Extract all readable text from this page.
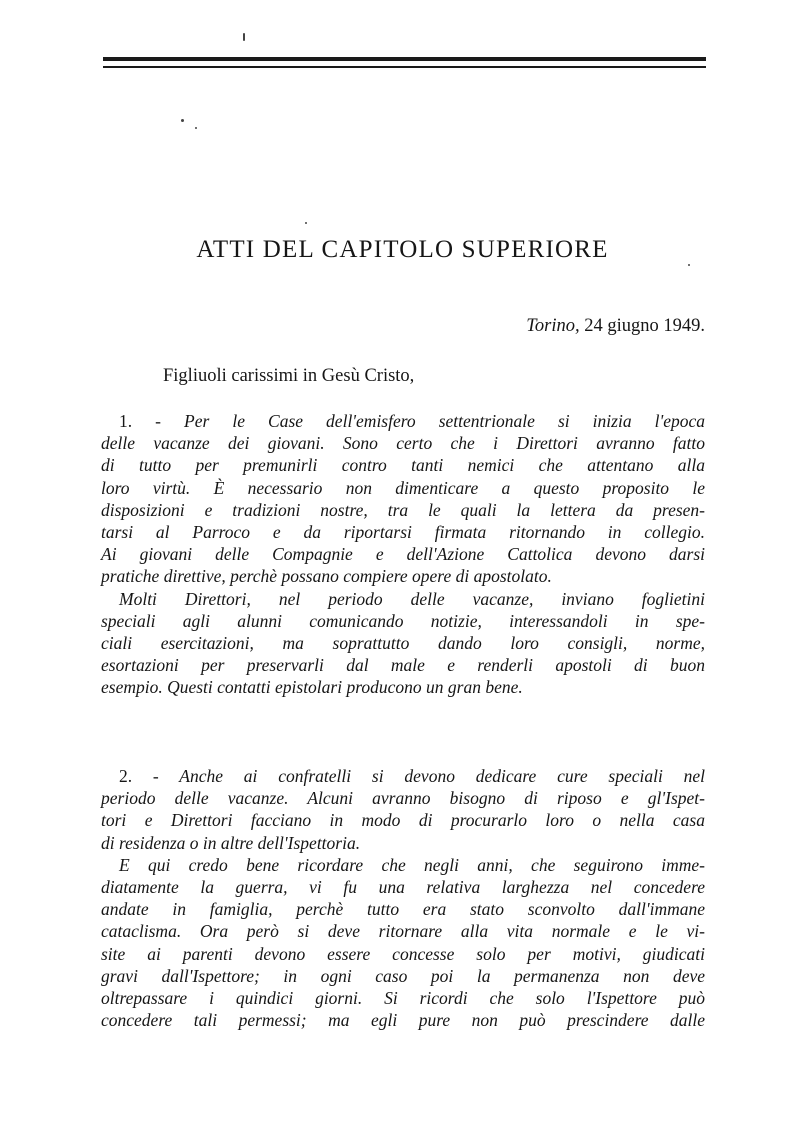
ATTI DEL CAPITOLO SUPERIORE
Torino, 24 giugno 1949.
Figliuoli carissimi in Gesù Cristo,
1. - Per le Case dell'emisfero settentrionale si inizia l'epoca
delle vacanze dei giovani. Sono certo che i Direttori avranno fatto
di tutto per premunirli contro tanti nemici che attentano alla
loro virtù. È necessario non dimenticare a questo proposito le
disposizioni e tradizioni nostre, tra le quali la lettera da presen-
tarsi al Parroco e da riportarsi firmata ritornando in collegio.
Ai giovani delle Compagnie e dell'Azione Cattolica devono darsi
pratiche direttive, perchè possano compiere opere di apostolato.
Molti Direttori, nel periodo delle vacanze, inviano foglietini
speciali agli alunni comunicando notizie, interessandoli in spe-
ciali esercitazioni, ma soprattutto dando loro consigli, norme,
esortazioni per preservarli dal male e renderli apostoli di buon
esempio. Questi contatti epistolari producono un gran bene.
2. - Anche ai confratelli si devono dedicare cure speciali nel
periodo delle vacanze. Alcuni avranno bisogno di riposo e gl'Ispet-
tori e Direttori facciano in modo di procurarlo loro o nella casa
di residenza o in altre dell'Ispettoria.
E qui credo bene ricordare che negli anni, che seguirono imme-
diatamente la guerra, vi fu una relativa larghezza nel concedere
andate in famiglia, perchè tutto era stato sconvolto dall'immane
cataclisma. Ora però si deve ritornare alla vita normale e le vi-
site ai parenti devono essere concesse solo per motivi, giudicati
gravi dall'Ispettore; in ogni caso poi la permanenza non deve
oltrepassare i quindici giorni. Si ricordi che solo l'Ispettore può
concedere tali permessi; ma egli pure non può prescindere dalle
